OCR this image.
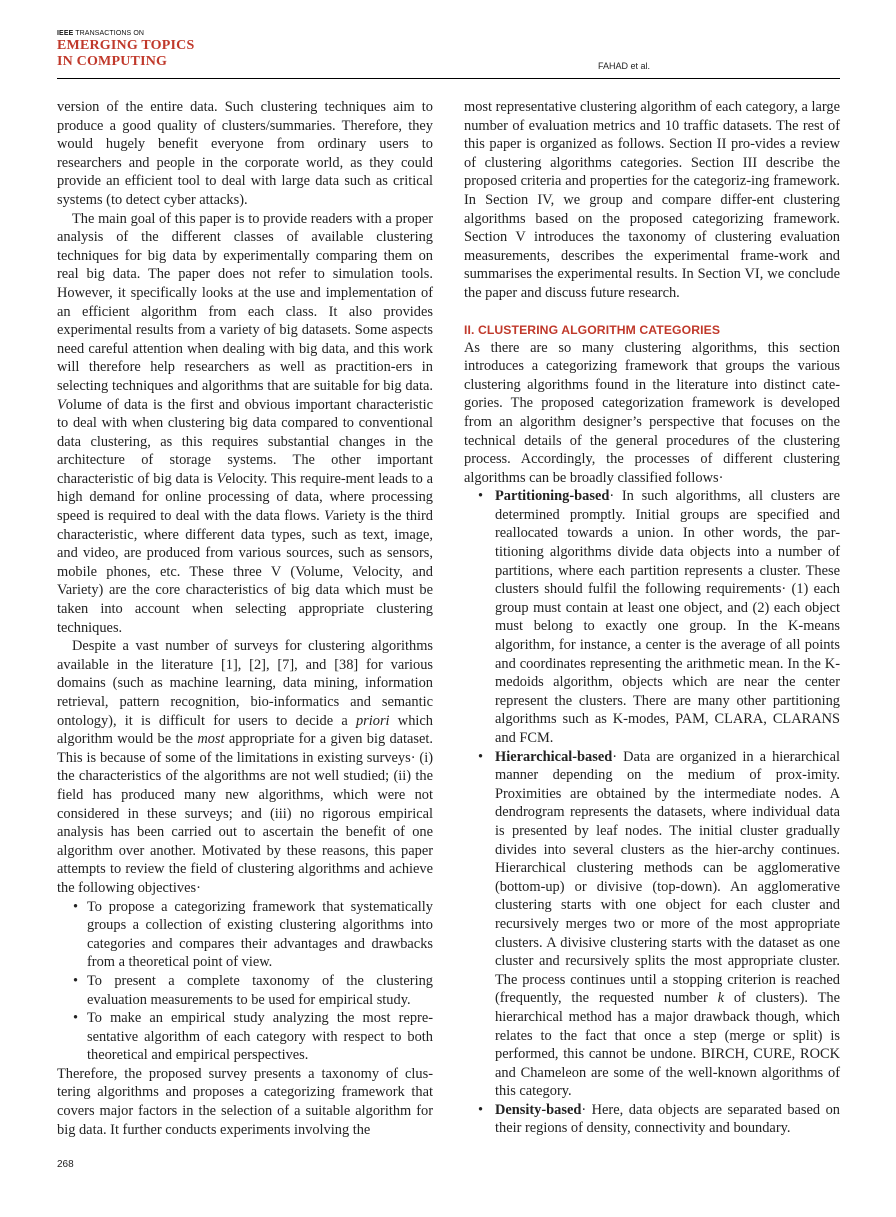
IEEE TRANSACTIONS ON
EMERGING TOPICS
IN COMPUTING	FAHAD et al.

version of the entire data. Such clustering techniques aim to produce a good quality of clusters/summaries. Therefore, they would hugely benefit everyone from ordinary users to researchers and people in the corporate world, as they could provide an efficient tool to deal with large data such as critical systems (to detect cyber attacks).

The main goal of this paper is to provide readers with a proper analysis of the different classes of available clustering techniques for big data by experimentally comparing them on real big data. The paper does not refer to simulation tools. However, it specifically looks at the use and implementation of an efficient algorithm from each class. It also provides experimental results from a variety of big datasets. Some aspects need careful attention when dealing with big data, and this work will therefore help researchers as well as practition-ers in selecting techniques and algorithms that are suitable for big data. Volume of data is the first and obvious important characteristic to deal with when clustering big data compared to conventional data clustering, as this requires substantial changes in the architecture of storage systems. The other important characteristic of big data is Velocity. This require-ment leads to a high demand for online processing of data, where processing speed is required to deal with the data flows. Variety is the third characteristic, where different data types, such as text, image, and video, are produced from various sources, such as sensors, mobile phones, etc. These three V (Volume, Velocity, and Variety) are the core characteristics of big data which must be taken into account when selecting appropriate clustering techniques.

Despite a vast number of surveys for clustering algorithms available in the literature [1], [2], [7], and [38] for various domains (such as machine learning, data mining, information retrieval, pattern recognition, bio-informatics and semantic ontology), it is difficult for users to decide a priori which algorithm would be the most appropriate for a given big dataset. This is because of some of the limitations in existing surveys· (i) the characteristics of the algorithms are not well studied; (ii) the field has produced many new algorithms, which were not considered in these surveys; and (iii) no rigorous empirical analysis has been carried out to ascertain the benefit of one algorithm over another. Motivated by these reasons, this paper attempts to review the field of clustering algorithms and achieve the following objectives·

• To propose a categorizing framework that systematically groups a collection of existing clustering algorithms into categories and compares their advantages and drawbacks from a theoretical point of view.
• To present a complete taxonomy of the clustering evaluation measurements to be used for empirical study.
• To make an empirical study analyzing the most repre-sentative algorithm of each category with respect to both theoretical and empirical perspectives.

Therefore, the proposed survey presents a taxonomy of clus-tering algorithms and proposes a categorizing framework that covers major factors in the selection of a suitable algorithm for big data. It further conducts experiments involving the

most representative clustering algorithm of each category, a large number of evaluation metrics and 10 traffic datasets. The rest of this paper is organized as follows. Section II pro-vides a review of clustering algorithms categories. Section III describe the proposed criteria and properties for the categoriz-ing framework. In Section IV, we group and compare differ-ent clustering algorithms based on the proposed categorizing framework. Section V introduces the taxonomy of clustering evaluation measurements, describes the experimental frame-work and summarises the experimental results. In Section VI, we conclude the paper and discuss future research.

II. CLUSTERING ALGORITHM CATEGORIES

As there are so many clustering algorithms, this section introduces a categorizing framework that groups the various clustering algorithms found in the literature into distinct cate-gories. The proposed categorization framework is developed from an algorithm designer’s perspective that focuses on the technical details of the general procedures of the clustering process. Accordingly, the processes of different clustering algorithms can be broadly classified follows·

• Partitioning-based· In such algorithms, all clusters are determined promptly. Initial groups are specified and reallocated towards a union. In other words, the par-titioning algorithms divide data objects into a number of partitions, where each partition represents a cluster. These clusters should fulfil the following requirements· (1) each group must contain at least one object, and (2) each object must belong to exactly one group. In the K-means algorithm, for instance, a center is the average of all points and coordinates representing the arithmetic mean. In the K-medoids algorithm, objects which are near the center represent the clusters. There are many other partitioning algorithms such as K-modes, PAM, CLARA, CLARANS and FCM.
• Hierarchical-based· Data are organized in a hierarchical manner depending on the medium of prox-imity. Proximities are obtained by the intermediate nodes. A dendrogram represents the datasets, where individual data is presented by leaf nodes. The initial cluster gradually divides into several clusters as the hier-archy continues. Hierarchical clustering methods can be agglomerative (bottom-up) or divisive (top-down). An agglomerative clustering starts with one object for each cluster and recursively merges two or more of the most appropriate clusters. A divisive clustering starts with the dataset as one cluster and recursively splits the most appropriate cluster. The process continues until a stopping criterion is reached (frequently, the requested number k of clusters). The hierarchical method has a major drawback though, which relates to the fact that once a step (merge or split) is performed, this cannot be undone. BIRCH, CURE, ROCK and Chameleon are some of the well-known algorithms of this category.
• Density-based· Here, data objects are separated based on their regions of density, connectivity and boundary.
268
